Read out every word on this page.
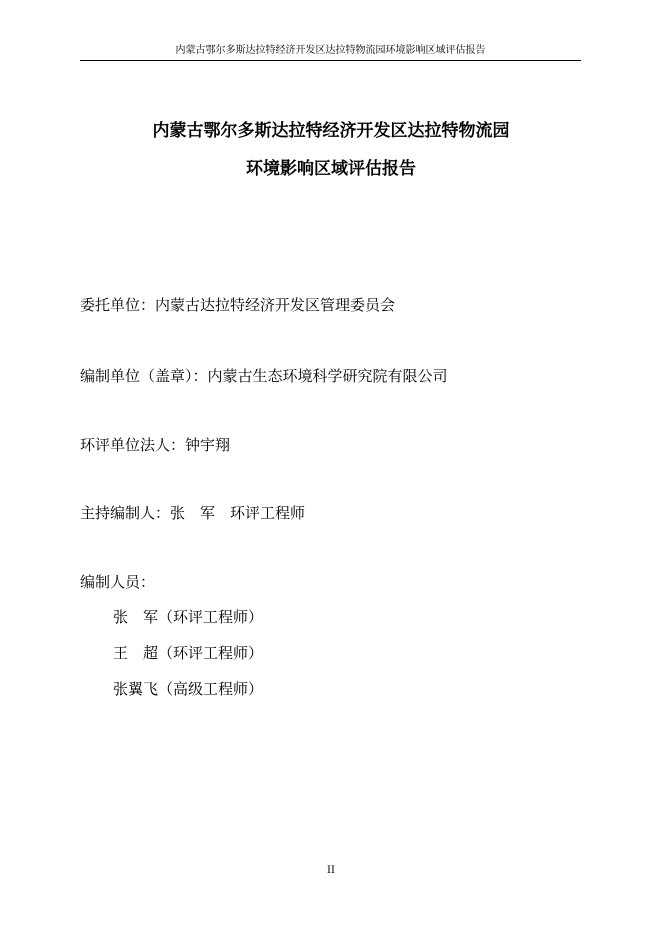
内蒙古鄂尔多斯达拉特经济开发区达拉特物流园环境影响区域评估报告
内蒙古鄂尔多斯达拉特经济开发区达拉特物流园
环境影响区域评估报告
委托单位：内蒙古达拉特经济开发区管理委员会
编制单位（盖章）：内蒙古生态环境科学研究院有限公司
环评单位法人：钟宇翔
主持编制人：张　军　环评工程师
编制人员：
张　军（环评工程师）
王　超（环评工程师）
张翼飞（高级工程师）
II
